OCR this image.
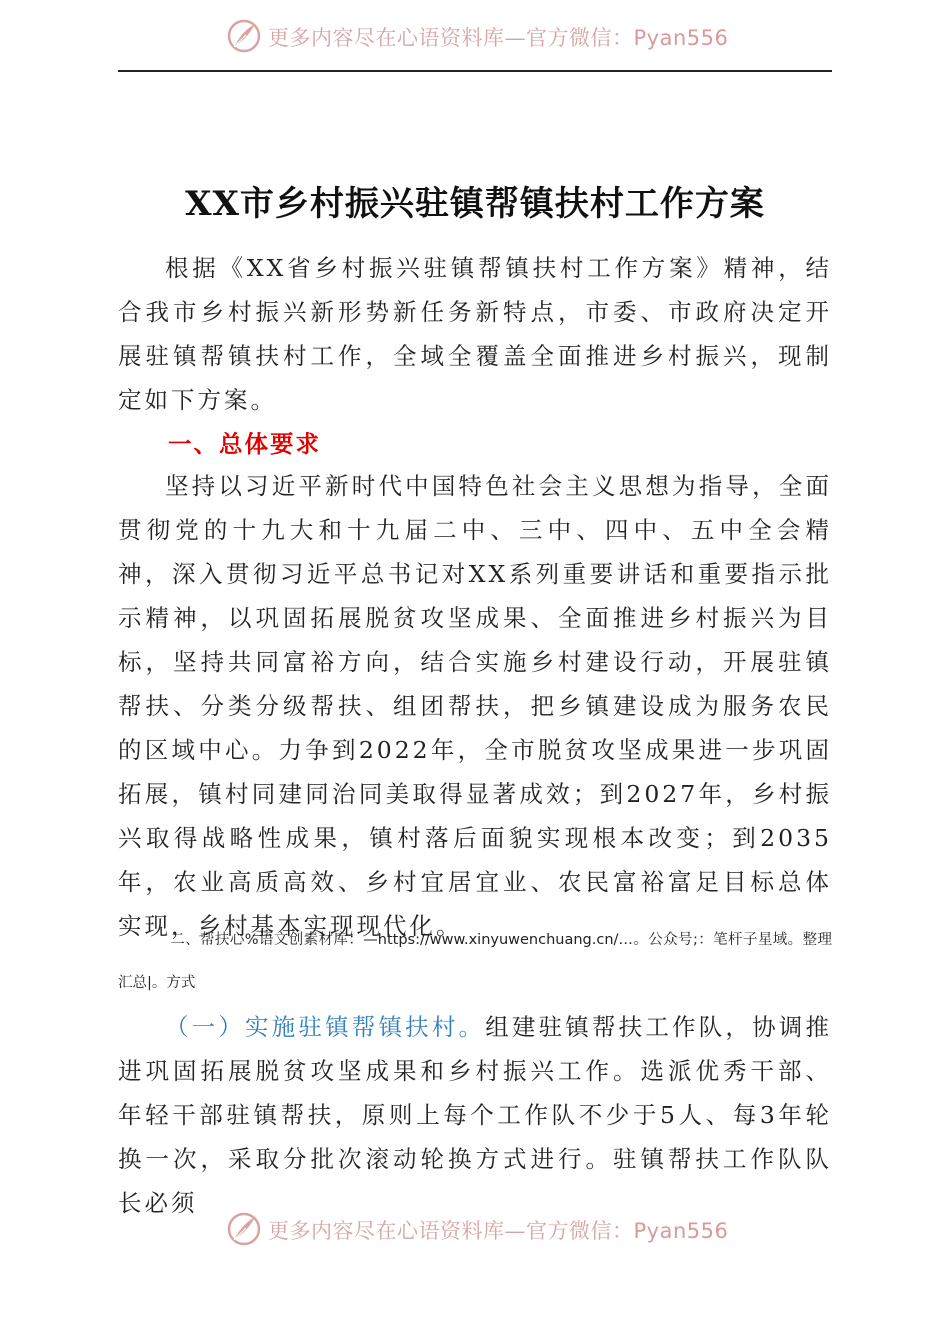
更多内容尽在心语资料库—官方微信：Pyan556
XX市乡村振兴驻镇帮镇扶村工作方案

根据《XX省乡村振兴驻镇帮镇扶村工作方案》精神，结合我市乡村振兴新形势新任务新特点，市委、市政府决定开展驻镇帮镇扶村工作，全域全覆盖全面推进乡村振兴，现制定如下方案。

一、总体要求

坚持以习近平新时代中国特色社会主义思想为指导，全面贯彻党的十九大和十九届二中、三中、四中、五中全会精神，深入贯彻习近平总书记对XX系列重要讲话和重要指示批示精神，以巩固拓展脱贫攻坚成果、全面推进乡村振兴为目标，坚持共同富裕方向，结合实施乡村建设行动，开展驻镇帮扶、分类分级帮扶、组团帮扶，把乡镇建设成为服务农民的区域中心。力争到2022年，全市脱贫攻坚成果进一步巩固拓展，镇村同建同治同美取得显著成效；到2027年，乡村振兴取得战略性成果，镇村落后面貌实现根本改变；到2035年，农业高质高效、乡村宜居宜业、农民富裕富足目标总体实现，乡村基本实现现代化。

二、帮扶心%语文创素材库：—https://www.xinyuwenchuang.cn/…。公众号;：笔杆子星域。整理汇总|。方式

（一）实施驻镇帮镇扶村。组建驻镇帮扶工作队，协调推进巩固拓展脱贫攻坚成果和乡村振兴工作。选派优秀干部、年轻干部驻镇帮扶，原则上每个工作队不少于5人、每3年轮换一次，采取分批次滚动轮换方式进行。驻镇帮扶工作队队长必须

更多内容尽在心语资料库—官方微信：Pyan556
